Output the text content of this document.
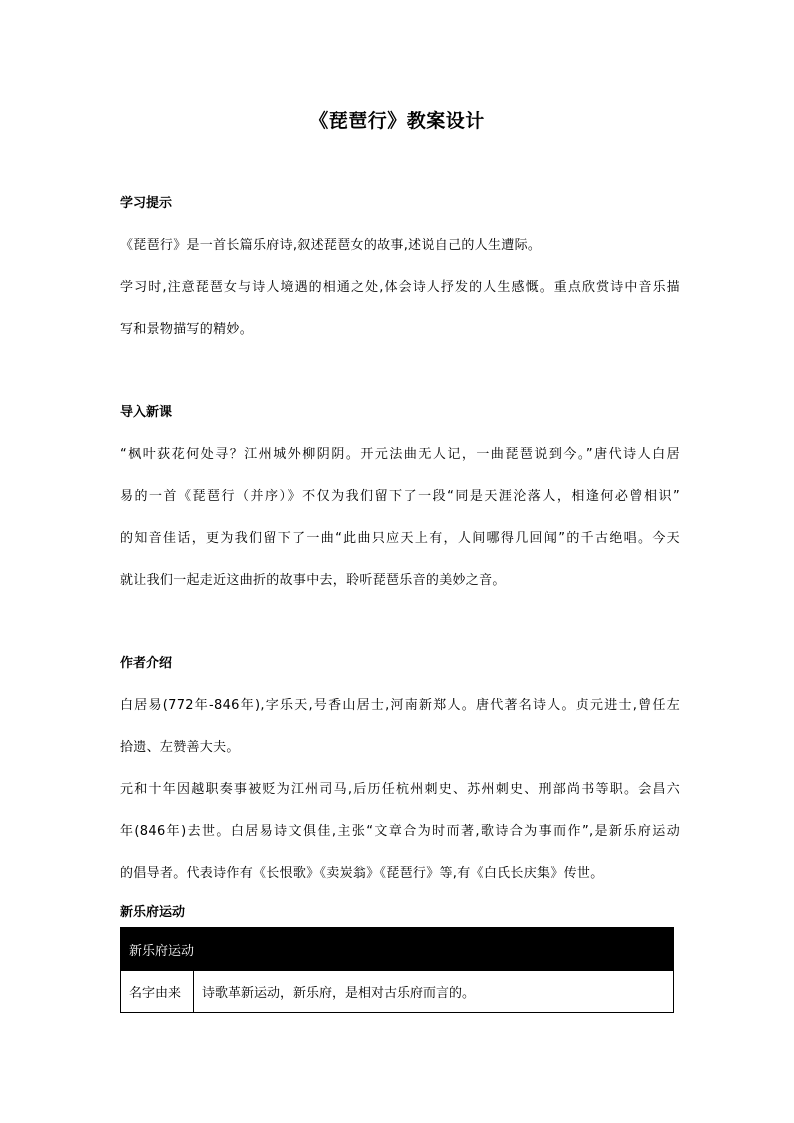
《琵琶行》教案设计
学习提示
《琵琶行》是一首长篇乐府诗,叙述琵琶女的故事,述说自己的人生遭际。
学习时,注意琵琶女与诗人境遇的相通之处,体会诗人抒发的人生感慨。重点欣赏诗中音乐描
写和景物描写的精妙。
导入新课
“枫叶荻花何处寻？江州城外柳阴阴。开元法曲无人记，一曲琵琶说到今。”唐代诗人白居
易的一首《琵琶行（并序）》不仅为我们留下了一段“同是天涯沦落人，相逢何必曾相识”
的知音佳话，更为我们留下了一曲“此曲只应天上有，人间哪得几回闻”的千古绝唱。今天
就让我们一起走近这曲折的故事中去，聆听琵琶乐音的美妙之音。
作者介绍
白居易(772年-846年),字乐天,号香山居士,河南新郑人。唐代著名诗人。贞元进士,曾任左
拾遗、左赞善大夫。
元和十年因越职奏事被贬为江州司马,后历任杭州刺史、苏州刺史、刑部尚书等职。会昌六
年(846年)去世。白居易诗文俱佳,主张“文章合为时而著,歌诗合为事而作”,是新乐府运动
的倡导者。代表诗作有《长恨歌》《卖炭翁》《琵琶行》等,有《白氏长庆集》传世。
新乐府运动
新乐府运动
名字由来	诗歌革新运动，新乐府，是相对古乐府而言的。
